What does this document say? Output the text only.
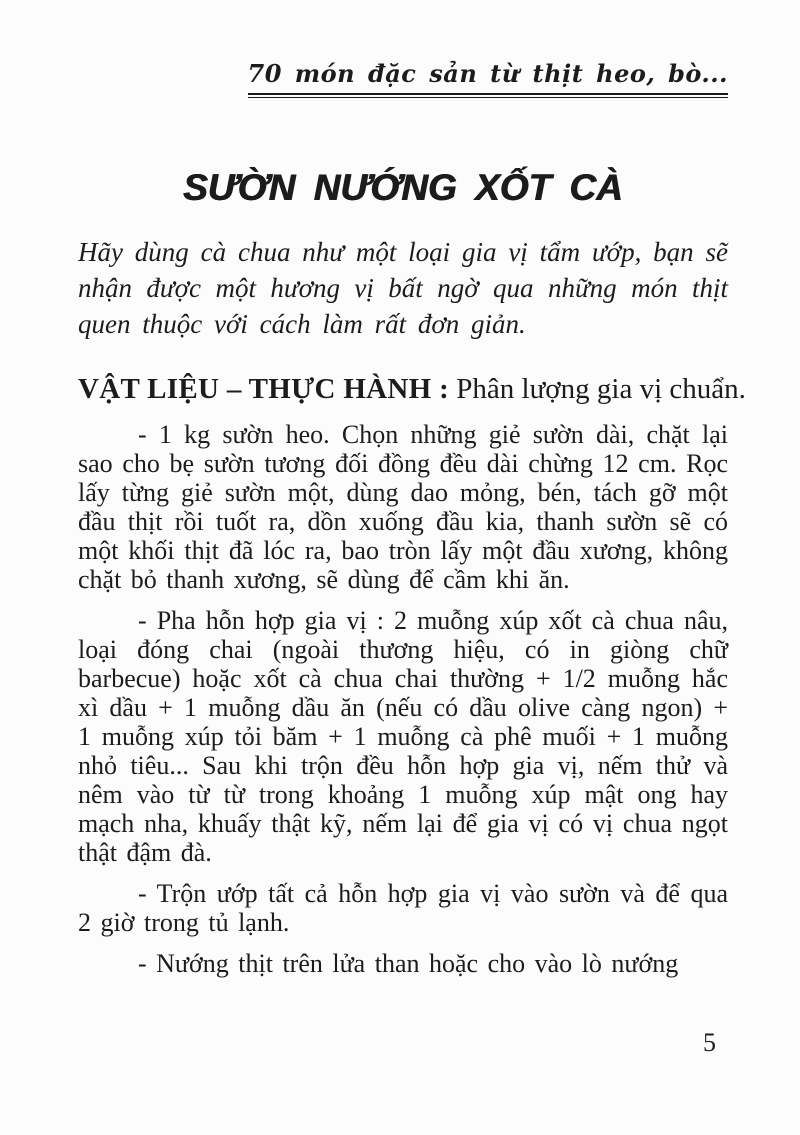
70 món đặc sản từ thịt heo, bò...
SƯỜN NƯỚNG XỐT CÀ

Hãy dùng cà chua như một loại gia vị tẩm ướp, bạn sẽ nhận được một hương vị bất ngờ qua những món thịt quen thuộc với cách làm rất đơn giản.

VẬT LIỆU – THỰC HÀNH : Phân lượng gia vị chuẩn.

- 1 kg sườn heo. Chọn những giẻ sườn dài, chặt lại sao cho bẹ sườn tương đối đồng đều dài chừng 12 cm. Rọc lấy từng giẻ sườn một, dùng dao mỏng, bén, tách gỡ một đầu thịt rồi tuốt ra, dồn xuống đầu kia, thanh sườn sẽ có một khối thịt đã lóc ra, bao tròn lấy một đầu xương, không chặt bỏ thanh xương, sẽ dùng để cầm khi ăn.

- Pha hỗn hợp gia vị : 2 muỗng xúp xốt cà chua nâu, loại đóng chai (ngoài thương hiệu, có in giòng chữ barbecue) hoặc xốt cà chua chai thường + 1/2 muỗng hắc xì dầu + 1 muỗng dầu ăn (nếu có dầu olive càng ngon) + 1 muỗng xúp tỏi băm + 1 muỗng cà phê muối + 1 muỗng nhỏ tiêu... Sau khi trộn đều hỗn hợp gia vị, nếm thử và nêm vào từ từ trong khoảng 1 muỗng xúp mật ong hay mạch nha, khuấy thật kỹ, nếm lại để gia vị có vị chua ngọt thật đậm đà.

- Trộn ướp tất cả hỗn hợp gia vị vào sườn và để qua 2 giờ trong tủ lạnh.

- Nướng thịt trên lửa than hoặc cho vào lò nướng

5
